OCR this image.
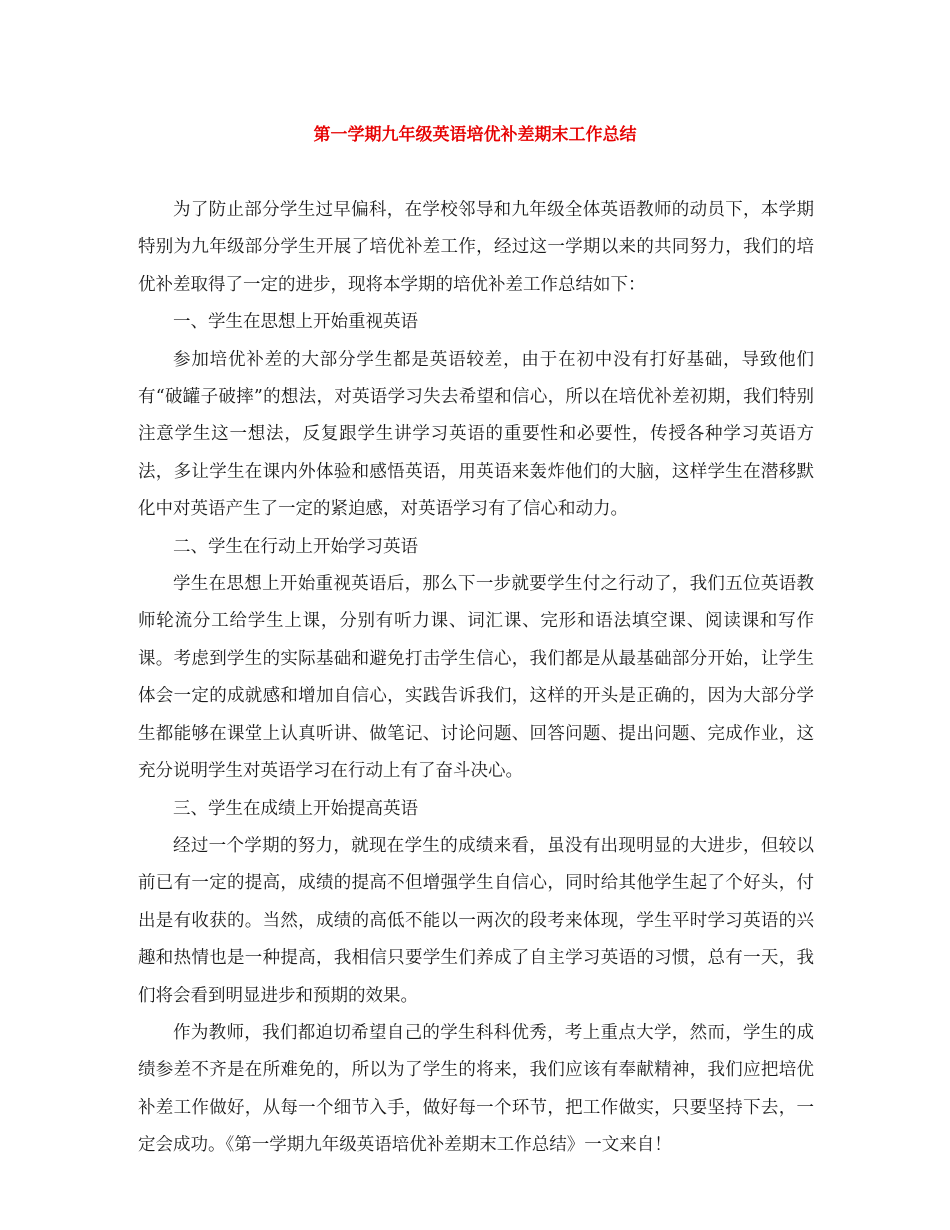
第一学期九年级英语培优补差期末工作总结

为了防止部分学生过早偏科，在学校邻导和九年级全体英语教师的动员下，本学期特别为九年级部分学生开展了培优补差工作，经过这一学期以来的共同努力，我们的培优补差取得了一定的进步，现将本学期的培优补差工作总结如下：

一、学生在思想上开始重视英语

参加培优补差的大部分学生都是英语较差，由于在初中没有打好基础，导致他们有“破罐子破摔”的想法，对英语学习失去希望和信心，所以在培优补差初期，我们特别注意学生这一想法，反复跟学生讲学习英语的重要性和必要性，传授各种学习英语方法，多让学生在课内外体验和感悟英语，用英语来轰炸他们的大脑，这样学生在潜移默化中对英语产生了一定的紧迫感，对英语学习有了信心和动力。

二、学生在行动上开始学习英语

学生在思想上开始重视英语后，那么下一步就要学生付之行动了，我们五位英语教师轮流分工给学生上课，分别有听力课、词汇课、完形和语法填空课、阅读课和写作课。考虑到学生的实际基础和避免打击学生信心，我们都是从最基础部分开始，让学生体会一定的成就感和增加自信心，实践告诉我们，这样的开头是正确的，因为大部分学生都能够在课堂上认真听讲、做笔记、讨论问题、回答问题、提出问题、完成作业，这充分说明学生对英语学习在行动上有了奋斗决心。

三、学生在成绩上开始提高英语

经过一个学期的努力，就现在学生的成绩来看，虽没有出现明显的大进步，但较以前已有一定的提高，成绩的提高不但增强学生自信心，同时给其他学生起了个好头，付出是有收获的。当然，成绩的高低不能以一两次的段考来体现，学生平时学习英语的兴趣和热情也是一种提高，我相信只要学生们养成了自主学习英语的习惯，总有一天，我们将会看到明显进步和预期的效果。

作为教师，我们都迫切希望自己的学生科科优秀，考上重点大学，然而，学生的成绩参差不齐是在所难免的，所以为了学生的将来，我们应该有奉献精神，我们应把培优补差工作做好，从每一个细节入手，做好每一个环节，把工作做实，只要坚持下去，一定会成功。《第一学期九年级英语培优补差期末工作总结》一文来自！
